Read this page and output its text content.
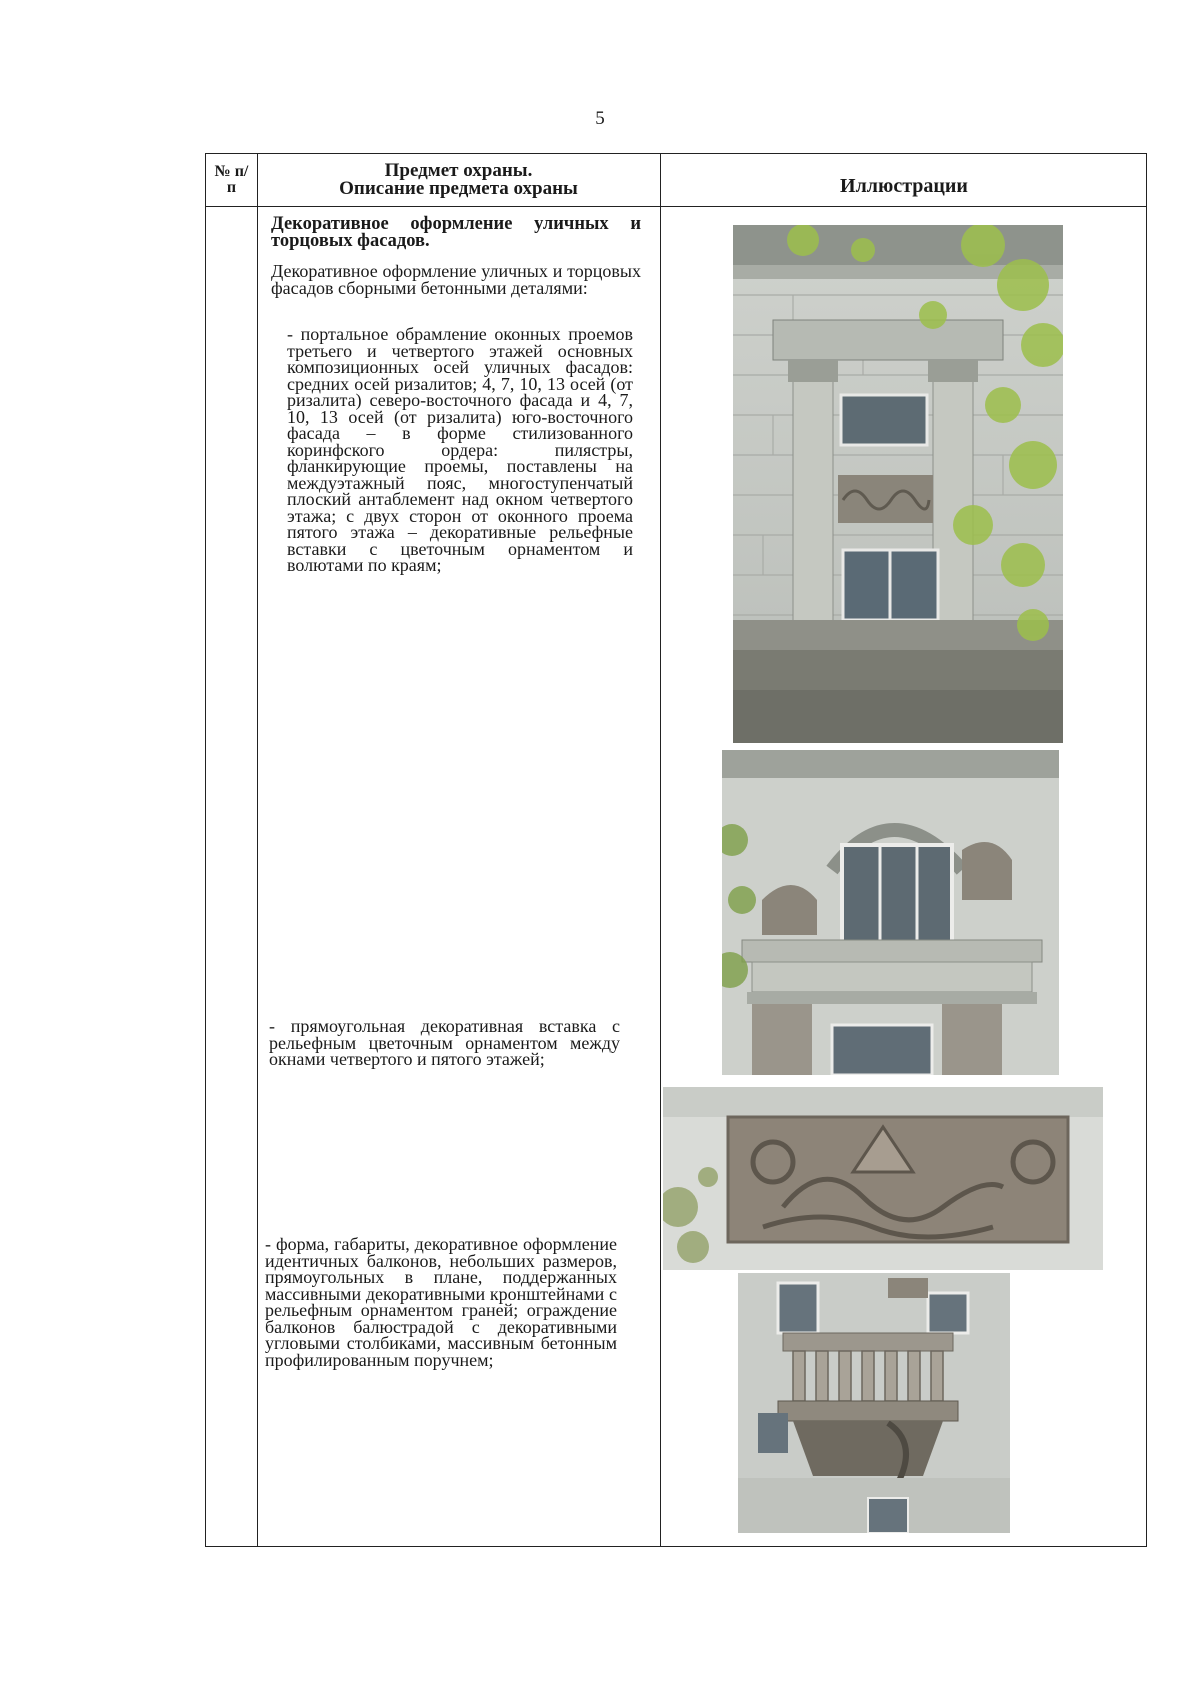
5
№ п/п
Предмет охраны.
Описание предмета охраны	Иллюстрации
Декоративное оформление уличных и торцовых фасадов.
Декоративное оформление уличных и торцовых фасадов сборными бетонными деталями:
- портальное обрамление оконных проемов третьего и четвертого этажей основных композиционных осей уличных фасадов: средних осей ризалитов; 4, 7, 10, 13 осей (от ризалита) северо-восточного фасада и 4, 7, 10, 13 осей (от ризалита) юго-восточного фасада – в форме стилизованного коринфского ордера: пилястры, фланкирующие проемы, поставлены на междуэтажный пояс, многоступенчатый плоский антаблемент над окном четвертого этажа; с двух сторон от оконного проема пятого этажа – декоративные рельефные вставки с цветочным орнаментом и волютами по краям;
- прямоугольная декоративная вставка с рельефным цветочным орнаментом между окнами четвертого и пятого этажей;
- форма, габариты, декоративное оформление идентичных балконов, небольших размеров, прямоугольных в плане, поддержанных массивными декоративными кронштейнами с рельефным орнаментом граней; ограждение балконов балюстрадой с декоративными угловыми столбиками, массивным бетонным профилированным поручнем;
